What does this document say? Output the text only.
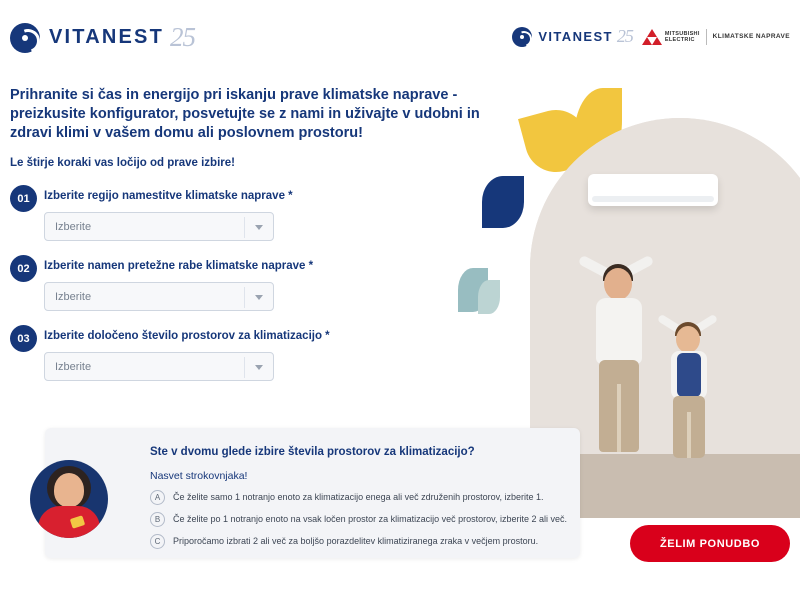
VITANEST 25	VITANEST 25	MITSUBISHI
ELECTRIC	KLIMATSKE NAPRAVE

Prihranite si čas in energijo pri iskanju prave klimatske naprave - preizkusite konfigurator, posvetujte se z nami in uživajte v udobni in zdravi klimi v vašem domu ali poslovnem prostoru!

Le štirje koraki vas ločijo od prave izbire!

01	Izberite regijo namestitve klimatske naprave *
Izberite
02	Izberite namen pretežne rabe klimatske naprave *
Izberite
03	Izberite določeno število prostorov za klimatizacijo *
Izberite
Ste v dvomu glede izbire števila prostorov za klimatizacijo?
Nasvet strokovnjaka!
A	Če želite samo 1 notranjo enoto za klimatizacijo enega ali več združenih prostorov, izberite 1.
B	Če želite po 1 notranjo enoto na vsak ločen prostor za klimatizacijo več prostorov, izberite 2 ali več.
C	Priporočamo izbrati 2 ali več za boljšo porazdelitev klimatiziranega zraka v večjem prostoru.	ŽELIM PONUDBO
